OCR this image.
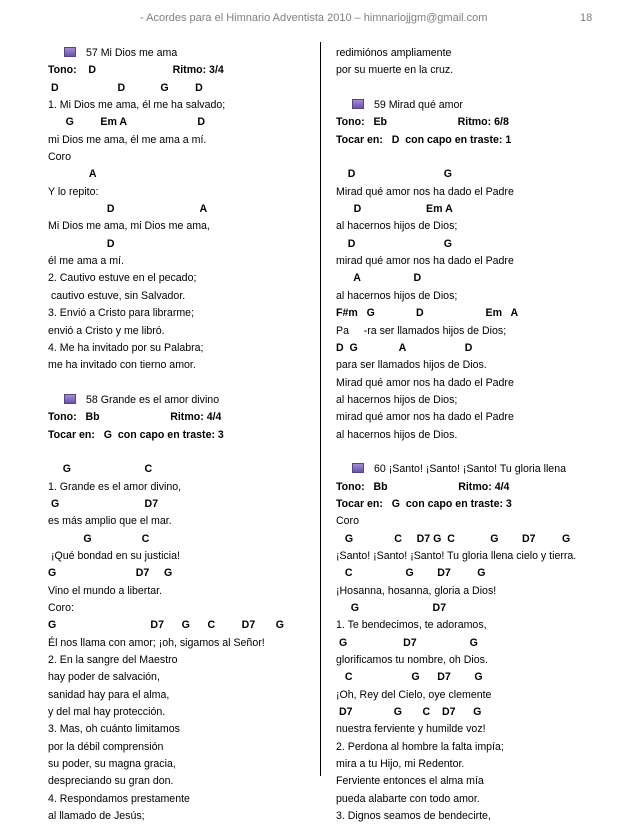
- Acordes para el Himnario Adventista 2010 – himnariojjgm@gmail.com	18
57 Mi Dios me ama
Tono:    D                          Ritmo: 3/4
D                    D            G         D
1. Mi Dios me ama, él me ha salvado;
G         Em A                        D
mi Dios me ama, él me ama a mí.
Coro
A
Y lo repito:
D                             A
Mi Dios me ama, mi Dios me ama,
D
él me ama a mí.
2. Cautivo estuve en el pecado;
cautivo estuve, sin Salvador.
3. Envió a Cristo para librarme;
envió a Cristo y me libró.
4. Me ha invitado por su Palabra;
me ha invitado con tierno amor.
58 Grande es el amor divino
Tono:   Bb                        Ritmo: 4/4
Tocar en:   G  con capo en traste: 3
G                         C
1. Grande es el amor divino,
G                             D7
es más amplio que el mar.
G                 C
¡Qué bondad en su justicia!
G                           D7     G
Vino el mundo a libertar.
Coro:
G                                D7      G      C         D7       G
Él nos llama con amor; ¡oh, sigamos al Señor!
2. En la sangre del Maestro
hay poder de salvación,
sanidad hay para el alma,
y del mal hay protección.
3. Mas, oh cuánto limitamos
por la débil comprensión
su poder, su magna gracia,
despreciando su gran don.
4. Respondamos prestamente
al llamado de Jesús;
redimiónos ampliamente
por su muerte en la cruz.
59 Mirad qué amor
Tono:   Eb                        Ritmo: 6/8
Tocar en:   D  con capo en traste: 1
D                              G
Mirad qué amor nos ha dado el Padre
D                      Em A
al hacernos hijos de Dios;
D                              G
mirad qué amor nos ha dado el Padre
A                  D
al hacernos hijos de Dios;
F#m   G              D                     Em   A
Pa     -ra ser llamados hijos de Dios;
D  G              A                    D
para ser llamados hijos de Dios.
Mirad qué amor nos ha dado el Padre
al hacernos hijos de Dios;
mirad qué amor nos ha dado el Padre
al hacernos hijos de Dios.
60 ¡Santo! ¡Santo! ¡Santo! Tu gloria llena
Tono:   Bb                        Ritmo: 4/4
Tocar en:   G  con capo en traste: 3
Coro
G              C     D7 G  C            G        D7         G
¡Santo! ¡Santo! ¡Santo! Tu gloria llena cielo y tierra.
C                  G        D7         G
¡Hosanna, hosanna, gloria a Dios!
G                         D7
1. Te bendecimos, te adoramos,
G                   D7                  G
glorificamos tu nombre, oh Dios.
C                    G      D7        G
¡Oh, Rey del Cielo, oye clemente
D7              G       C    D7      G
nuestra ferviente y humilde voz!
2. Perdona al hombre la falta impía;
mira a tu Hijo, mi Redentor.
Ferviente entonces el alma mía
pueda alabarte con todo amor.
3. Dignos seamos de bendecirte,
